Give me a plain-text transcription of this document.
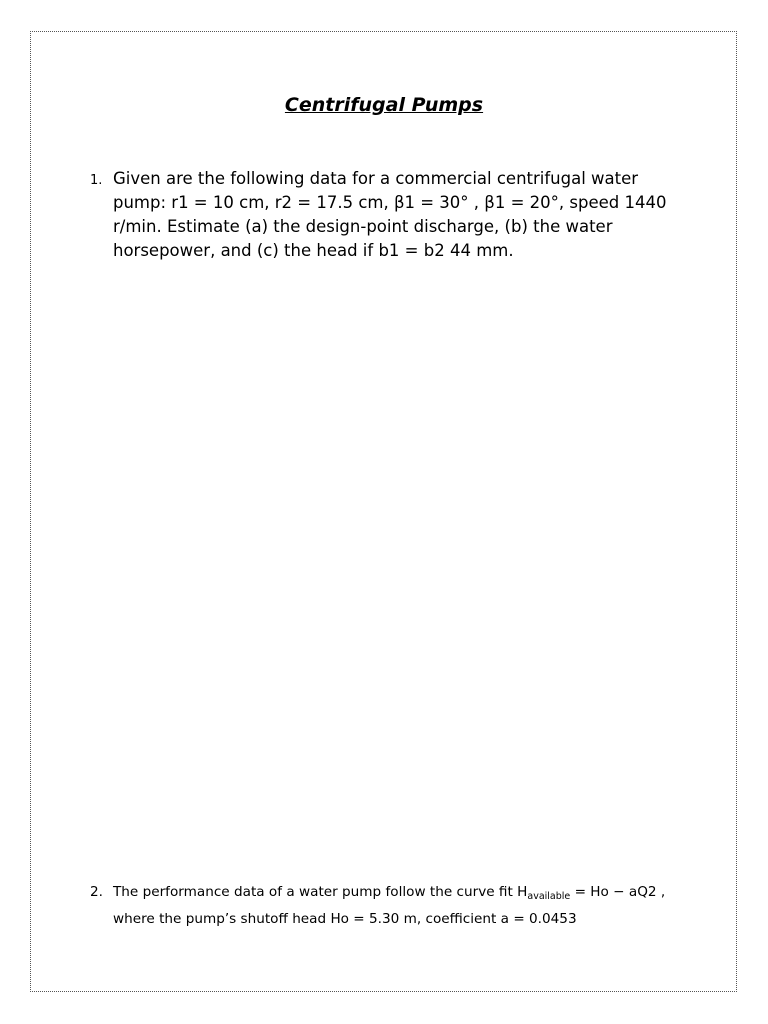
Centrifugal Pumps
1. Given are the following data for a commercial centrifugal water pump: r1 = 10 cm, r2 = 17.5 cm, β1 = 30° , β1 = 20°, speed 1440 r/min. Estimate (a) the design-point discharge, (b) the water horsepower, and (c) the head if b1 = b2 44 mm.
2. The performance data of a water pump follow the curve fit $H_{available} = Ho - aQ2$ , where the pump’s shutoff head Ho = 5.30 m, coefficient a = 0.0453
